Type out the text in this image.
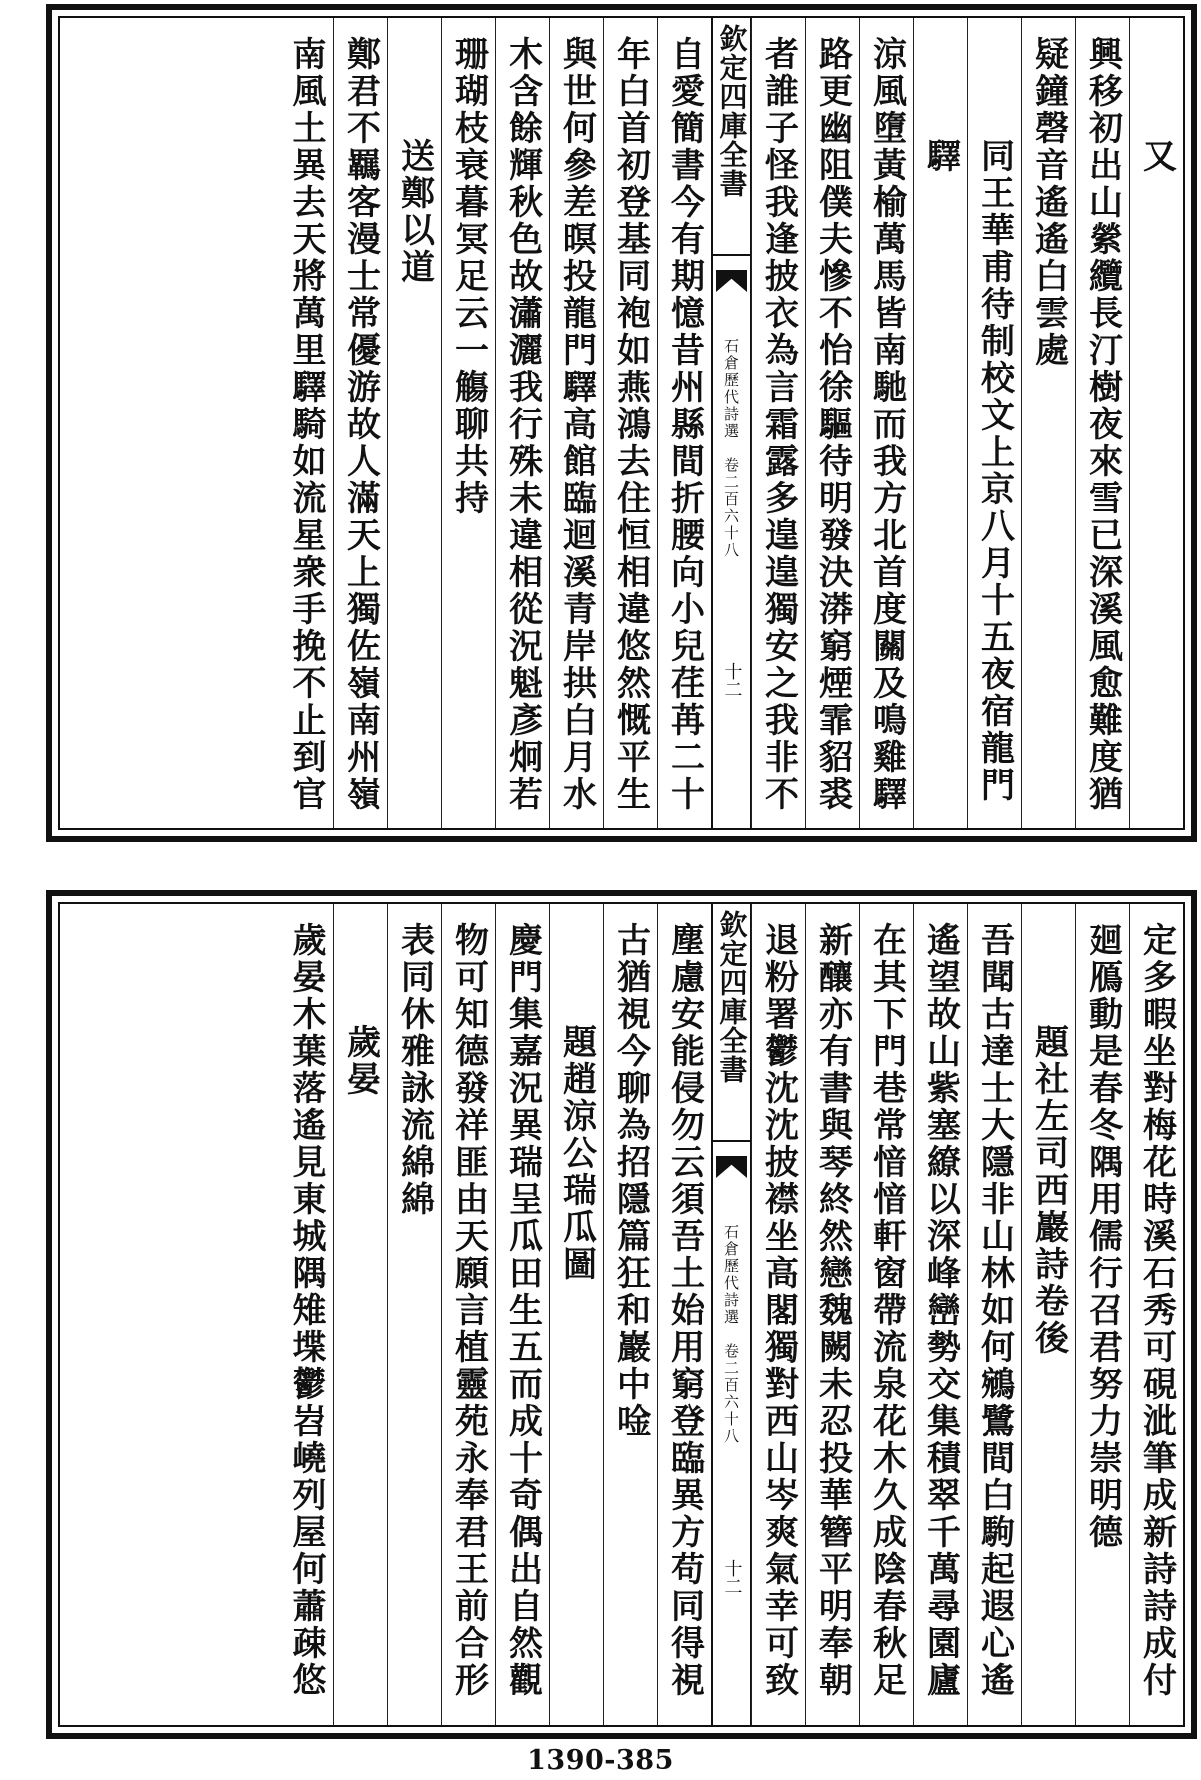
又
興移初出山縈纜長汀樹夜來雪已深溪風愈難度猶
疑鐘磬音遙遙白雲處
同王華甫待制校文上京八月十五夜宿龍門
驛
涼風墮黃榆萬馬皆南馳而我方北首度關及鳴雞驛
路更幽阻僕夫慘不怡徐驅待明發決漭窮煙霏貂裘
者誰子怪我逢披衣為言霜露多遑遑獨安之我非不
欽定四庫全書
石倉歷代詩選　卷二百六十八
十二
自愛簡書今有期憶昔州縣間折腰向小兒荏苒二十
年白首初登基同袍如燕鴻去住恒相違悠然慨平生
與世何參差暝投龍門驛高館臨迴溪青岸拱白月水
木含餘輝秋色故瀟灑我行殊未違相從況魁彥炯若
珊瑚枝衰暮冥足云一觴聊共持
送鄭以道
鄭君不羈客漫士常優游故人滿天上獨佐嶺南州嶺
南風土異去天將萬里驛騎如流星衆手挽不止到官
定多暇坐對梅花時溪石秀可硯泚筆成新詩詩成付
廻鴈動是春冬隅用儒行召君努力崇明德
題社左司西巖詩卷後
吾聞古達士大隱非山林如何鵷鷺間白駒起遐心遙
遙望故山紫塞繚以深峰巒勢交集積翠千萬尋園廬
在其下門巷常愔愔軒窗帶流泉花木久成陰春秋足
新釀亦有書與琴終然戀魏闕未忍投華簪平明奉朝
退粉署鬱沈沈披襟坐高閣獨對西山岑爽氣幸可致
欽定四庫全書
石倉歷代詩選　卷二百六十八
十二
塵慮安能侵勿云須吾土始用窮登臨異方苟同得視
古猶視今聊為招隱篇狂和巖中唫
題趙涼公瑞瓜圖
慶門集嘉況異瑞呈瓜田生五而成十奇偶出自然觀
物可知德發祥匪由天願言植靈苑永奉君王前合形
表同休雅詠流綿綿
歲晏
歲晏木葉落遙見東城隅雉堞鬱岧嶢列屋何蕭疎悠
1390-385
